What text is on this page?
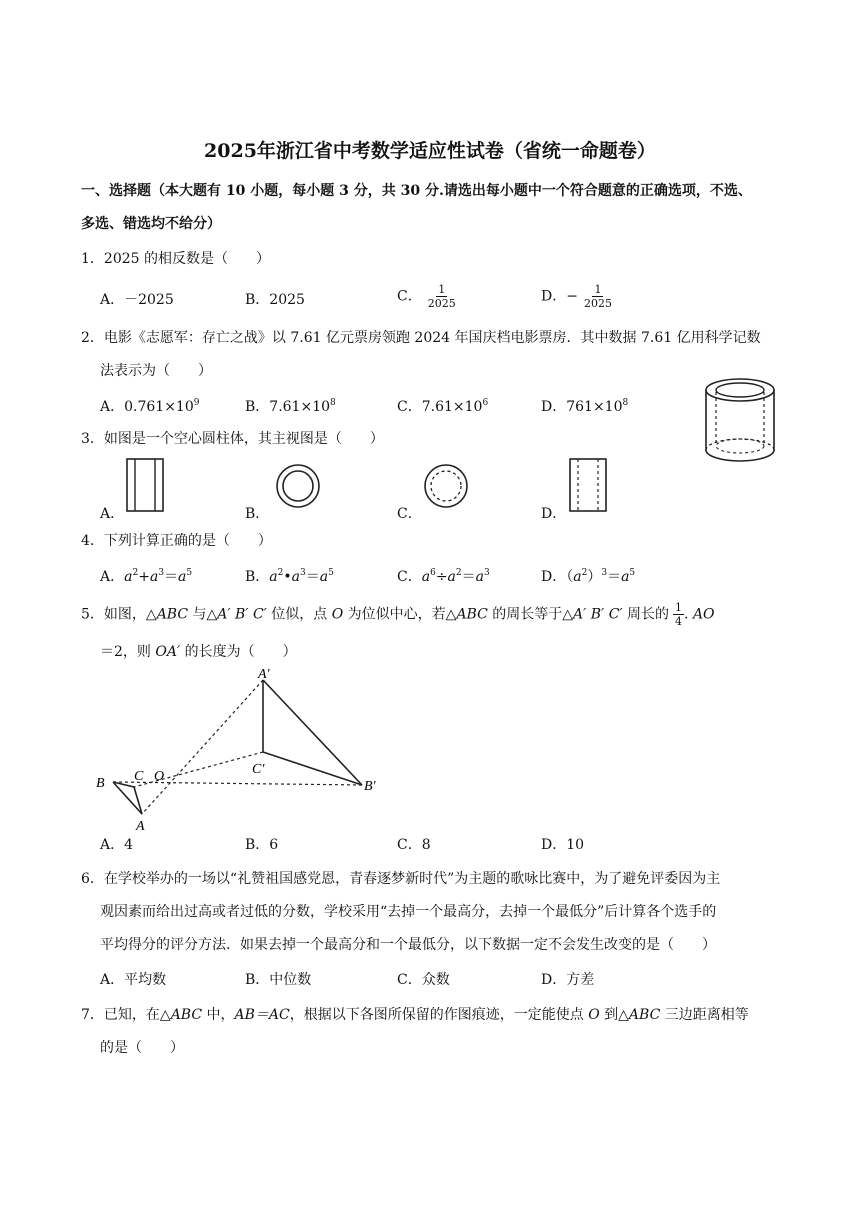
2025年浙江省中考数学适应性试卷（省统一命题卷）
一、选择题（本大题有 10 小题，每小题 3 分，共 30 分.请选出每小题中一个符合题意的正确选项，不选、
多选、错选均不给分）
1．2025 的相反数是（　　）
A．－2025	B．2025	C． $\frac{1}{2025}$	D．− $\frac{1}{2025}$
2．电影《志愿军：存亡之战》以 7.61 亿元票房领跑 2024 年国庆档电影票房．其中数据 7.61 亿用科学记数
法表示为（　　）
A．$0.761\times 10^9$	B．$7.61\times 10^8$	C．$7.61\times 10^6$	D．$761\times 10^8$
3．如图是一个空心圆柱体，其主视图是（　　）
A．	B．	C．	D．
4．下列计算正确的是（　　）
A．$a^2+a^3=a^5$	B．$a^2•a^3=a^5$	C．$a^6\div a^2=a^3$	D．$(a^2)^3=a^5$
5．如图，△ABC 与△A′ B′ C′ 位似，点 O 为位似中心，若△ABC 的周长等于△A′ B′ C′ 周长的 $\frac{1}{4}$ . AO
＝2，则 OA′ 的长度为（　　）
A′
B′
C′
B C O
A
A．4	B．6	C．8	D．10
6．在学校举办的一场以“礼赞祖国感党恩，青春逐梦新时代”为主题的歌咏比赛中，为了避免评委因为主
观因素而给出过高或者过低的分数，学校采用“去掉一个最高分，去掉一个最低分”后计算各个选手的
平均得分的评分方法．如果去掉一个最高分和一个最低分，以下数据一定不会发生改变的是（　　）
A．平均数	B．中位数	C．众数	D．方差
7．已知，在△ABC 中，AB＝AC，根据以下各图所保留的作图痕迹，一定能使点 O 到△ABC 三边距离相等
的是（　　）
